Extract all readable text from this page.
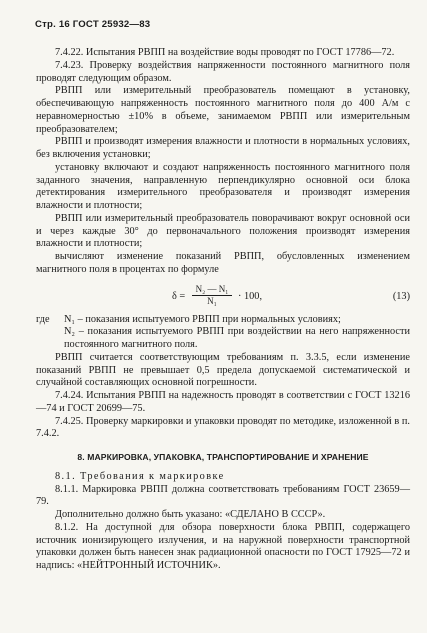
Стр. 16 ГОСТ 25932—83

7.4.22. Испытания РВПП на воздействие воды проводят по ГОСТ 17786—72.

7.4.23. Проверку воздействия напряженности постоянного магнитного поля проводят следующим образом.

РВПП или измерительный преобразователь помещают в установку, обеспечивающую напряженность постоянного магнитного поля до 400 А/м с неравномерностью ±10% в объеме, занимаемом РВПП или измерительным преобразователем;

РВПП и производят измерения влажности и плотности в нормальных условиях, без включения установки;

установку включают и создают напряженность постоянного магнитного поля заданного значения, направленную перпендикулярно основной оси блока детектирования измерительного преобразователя и производят измерения влажности и плотности;

РВПП или измерительный преобразователь поворачивают вокруг основной оси и через каждые 30° до первоначального положения производят измерения влажности и плотности;

вычисляют изменение показаний РВПП, обусловленных изменением магнитного поля в процентах по формуле

$\delta = \frac{\text{N₂ — N₁}}{\text{N₁}} \cdot 100$,	(13)
где	N₁ – показания испытуемого РВПП при нормальных условиях;

N₂ – показания испытуемого РВПП при воздействии на него напряженности постоянного магнитного поля.

РВПП считается соответствующим требованиям п. 3.3.5, если изменение показаний РВПП не превышает 0,5 предела допускаемой систематической и случайной составляющих основной погрешности.

7.4.24. Испытания РВПП на надежность проводят в соответствии с ГОСТ 13216—74 и ГОСТ 20699—75.

7.4.25. Проверку маркировки и упаковки проводят по методике, изложенной в п. 7.4.2.

8. МАРКИРОВКА, УПАКОВКА, ТРАНСПОРТИРОВАНИЕ И ХРАНЕНИЕ

8.1. Требования к маркировке

8.1.1. Маркировка РВПП должна соответствовать требованиям ГОСТ 23659—79.

Дополнительно должно быть указано: «СДЕЛАНО В СССР».

8.1.2. На доступной для обзора поверхности блока РВПП, содержащего источник ионизирующего излучения, и на наружной поверхности транспортной упаковки должен быть нанесен знак радиационной опасности по ГОСТ 17925—72 и надпись: «НЕЙТРОННЫЙ ИСТОЧНИК».
